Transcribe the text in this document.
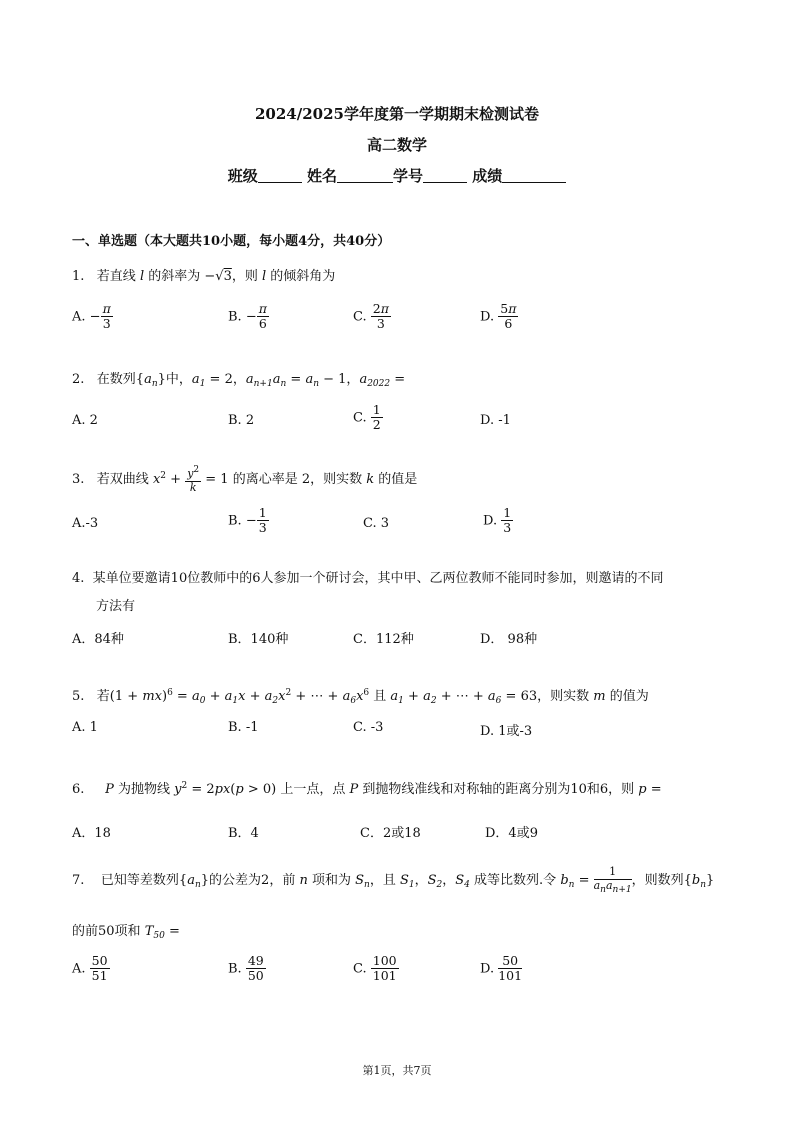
2024/2025学年度第一学期期末检测试卷
高二数学
班级	姓名	学号	成绩
一、单选题（本大题共10小题，每小题4分，共40分）
1.   若直线 l 的斜率为 −√3，则 l 的倾斜角为
A. − $\frac{\pi}{3}$	B. − $\frac{\pi}{6}$	C. $\frac{2\pi}{3}$	D. $\frac{5\pi}{6}$
2.   在数列$\{a_n\}$中，$a_1 = 2$，$a_{n+1}a_n = a_n - 1$，$a_{2022}$ =
A. 2	B. 2	C. $\frac{1}{2}$	D. -1
3.   若双曲线 $x^2 + \frac{y^2}{k} = 1$ 的离心率是 2，则实数 k 的值是
A.-3	B. − $\frac{1}{3}$	C. 3	D. $\frac{1}{3}$
4. 某单位要邀请10位教师中的6人参加一个研讨会，其中甲、乙两位教师不能同时参加，则邀请的不同
方法有
A．84种	B．140种	C．112种	D． 98种
5.   若$(1 + mx)^6 = a_0 + a_1x + a_2x^2$ + ⋯ + $a_6x^6$ 且 $a_1 + a_2$ + ⋯ + $a_6 = 63$，则实数 m 的值为
A. 1	B. -1	C. -3	D. 1或-3
6. P 为抛物线 $y^2 = 2px(p > 0)$ 上一点，点 P 到抛物线准线和对称轴的距离分别为10和6，则 p =
A．18	B．4	C．2或18	D．4或9
7.    已知等差数列$\{a_n\}$的公差为2，前 n 项和为 $S_n$，且 $S_1$，$S_2$，$S_4$ 成等比数列.令 $b_n = \frac{1}{a_na_{n+1}}$ ，则数列$\{b_n\}$
的前50项和 $T_{50}$ =
A. $\frac{50}{51}$	B. $\frac{49}{50}$	C. $\frac{100}{101}$	D. $\frac{50}{101}$
第1页，共7页
